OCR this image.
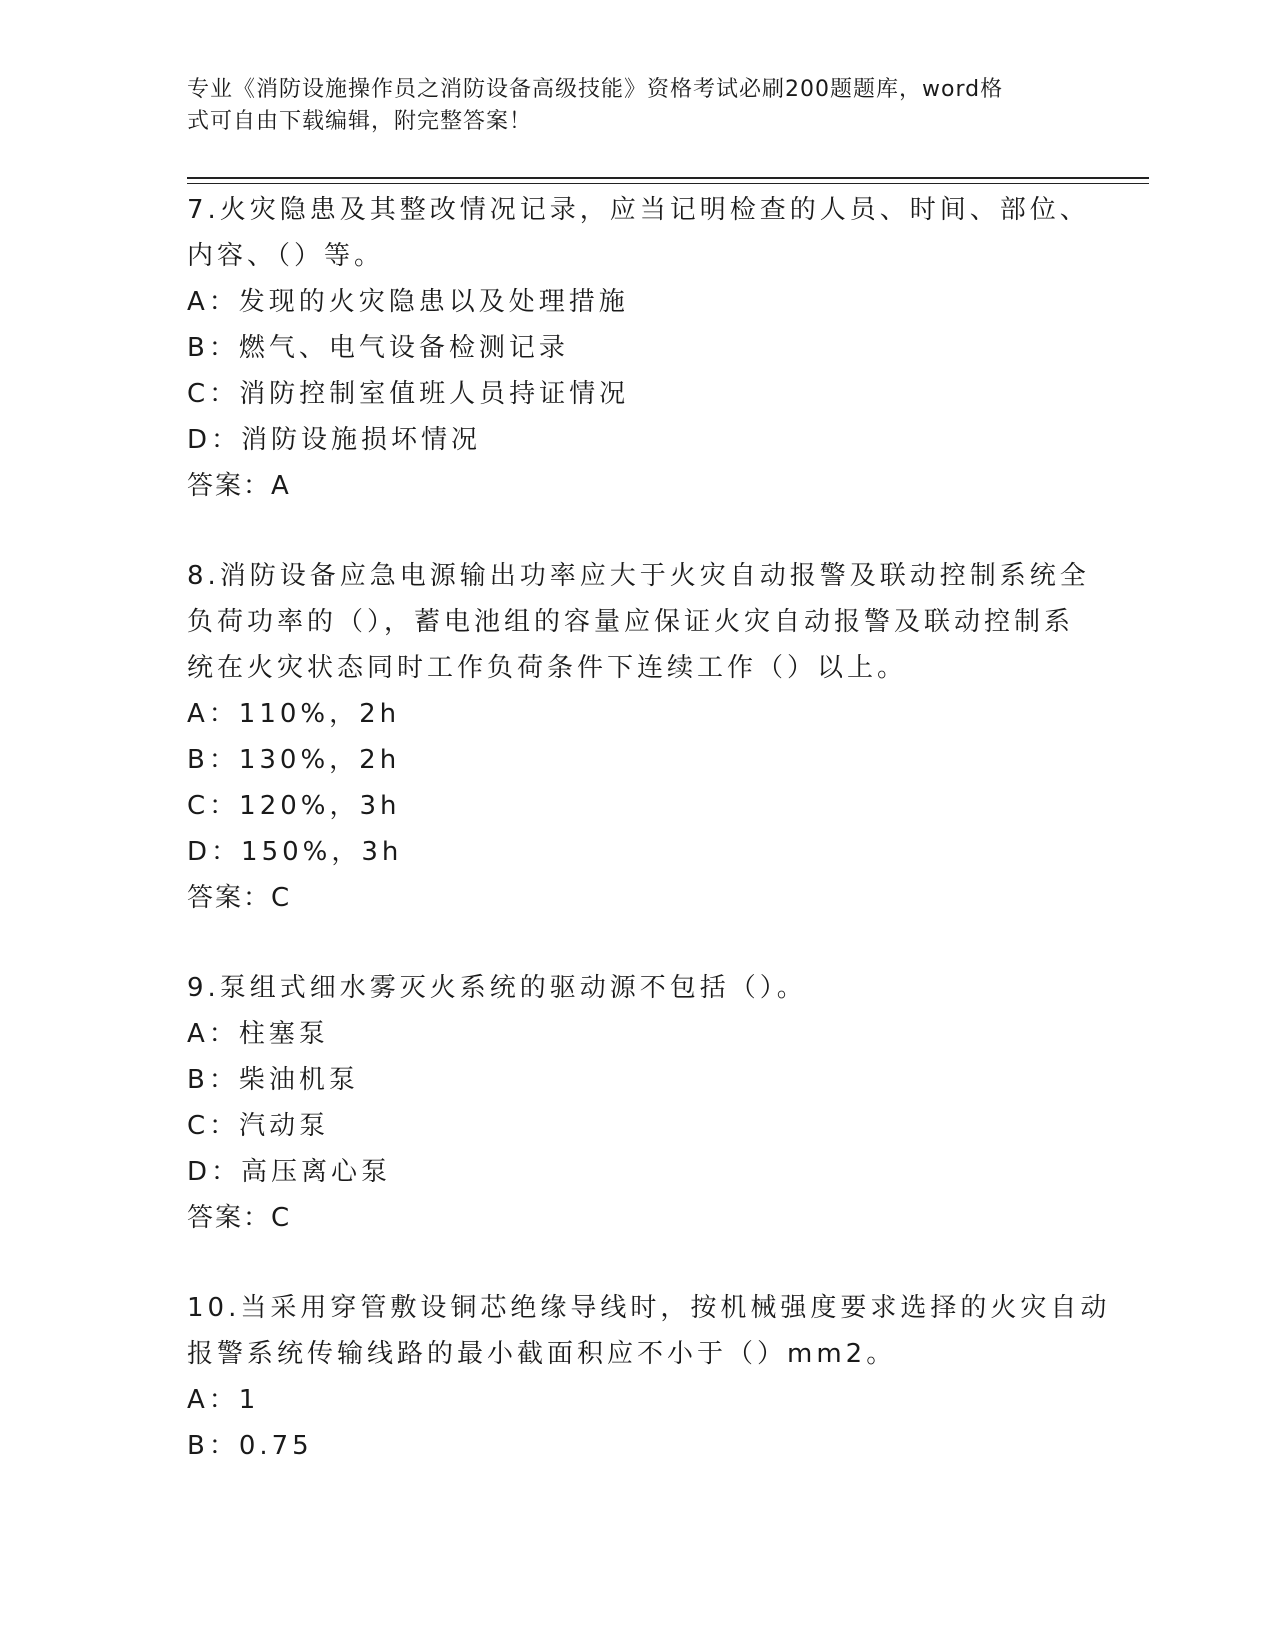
专业《消防设施操作员之消防设备高级技能》资格考试必刷200题题库，word格
式可自由下载编辑，附完整答案！
7.火灾隐患及其整改情况记录，应当记明检查的人员、时间、部位、
内容、（）等。
A：发现的火灾隐患以及处理措施
B：燃气、电气设备检测记录
C：消防控制室值班人员持证情况
D：消防设施损坏情况
答案：A
8.消防设备应急电源输出功率应大于火灾自动报警及联动控制系统全
负荷功率的（），蓄电池组的容量应保证火灾自动报警及联动控制系
统在火灾状态同时工作负荷条件下连续工作（）以上。
A：110%，2h
B：130%，2h
C：120%，3h
D：150%，3h
答案：C
9.泵组式细水雾灭火系统的驱动源不包括（）。
A：柱塞泵
B：柴油机泵
C：汽动泵
D：高压离心泵
答案：C
10.当采用穿管敷设铜芯绝缘导线时，按机械强度要求选择的火灾自动
报警系统传输线路的最小截面积应不小于（）mm2。
A：1
B：0.75
